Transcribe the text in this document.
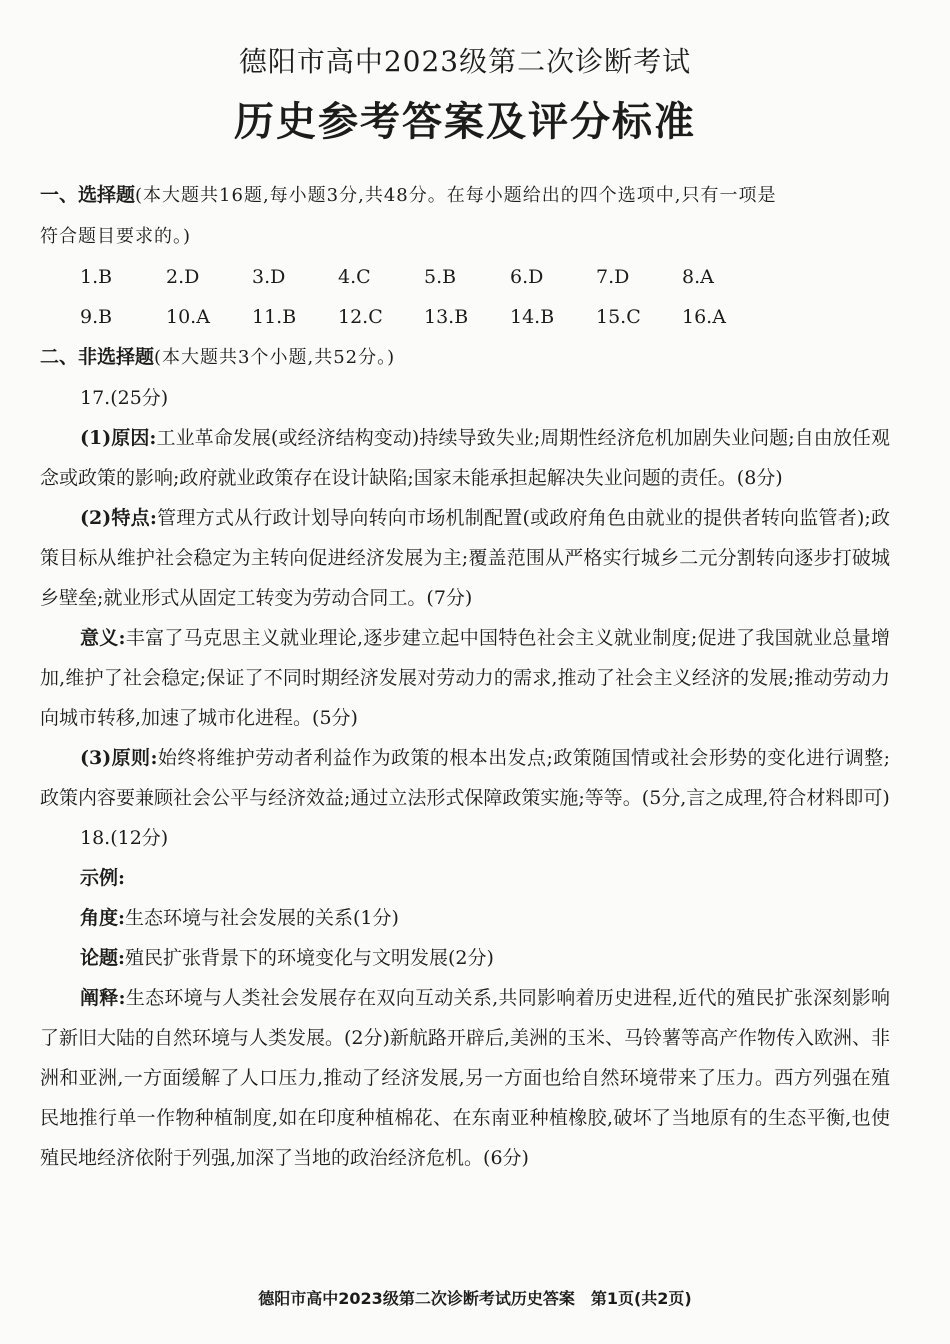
德阳市高中2023级第二次诊断考试
历史参考答案及评分标准

一、选择题(本大题共16题,每小题3分,共48分。在每小题给出的四个选项中,只有一项是

符合题目要求的。)

1.B	2.D	3.D	4.C	5.B	6.D	7.D	8.A
9.B	10.A	11.B	12.C	13.B	14.B	15.C	16.A

二、非选择题(本大题共3个小题,共52分。)

17.(25分)

(1)原因:工业革命发展(或经济结构变动)持续导致失业;周期性经济危机加剧失业问题;自由放任观念或政策的影响;政府就业政策存在设计缺陷;国家未能承担起解决失业问题的责任。(8分)

(2)特点:管理方式从行政计划导向转向市场机制配置(或政府角色由就业的提供者转向监管者);政策目标从维护社会稳定为主转向促进经济发展为主;覆盖范围从严格实行城乡二元分割转向逐步打破城乡壁垒;就业形式从固定工转变为劳动合同工。(7分)

意义:丰富了马克思主义就业理论,逐步建立起中国特色社会主义就业制度;促进了我国就业总量增加,维护了社会稳定;保证了不同时期经济发展对劳动力的需求,推动了社会主义经济的发展;推动劳动力向城市转移,加速了城市化进程。(5分)

(3)原则:始终将维护劳动者利益作为政策的根本出发点;政策随国情或社会形势的变化进行调整;政策内容要兼顾社会公平与经济效益;通过立法形式保障政策实施;等等。(5分,言之成理,符合材料即可)

18.(12分)

示例:

角度:生态环境与社会发展的关系(1分)

论题:殖民扩张背景下的环境变化与文明发展(2分)

阐释:生态环境与人类社会发展存在双向互动关系,共同影响着历史进程,近代的殖民扩张深刻影响了新旧大陆的自然环境与人类发展。(2分)新航路开辟后,美洲的玉米、马铃薯等高产作物传入欧洲、非洲和亚洲,一方面缓解了人口压力,推动了经济发展,另一方面也给自然环境带来了压力。西方列强在殖民地推行单一作物种植制度,如在印度种植棉花、在东南亚种植橡胶,破坏了当地原有的生态平衡,也使殖民地经济依附于列强,加深了当地的政治经济危机。(6分)

德阳市高中2023级第二次诊断考试历史答案　第1页(共2页)
